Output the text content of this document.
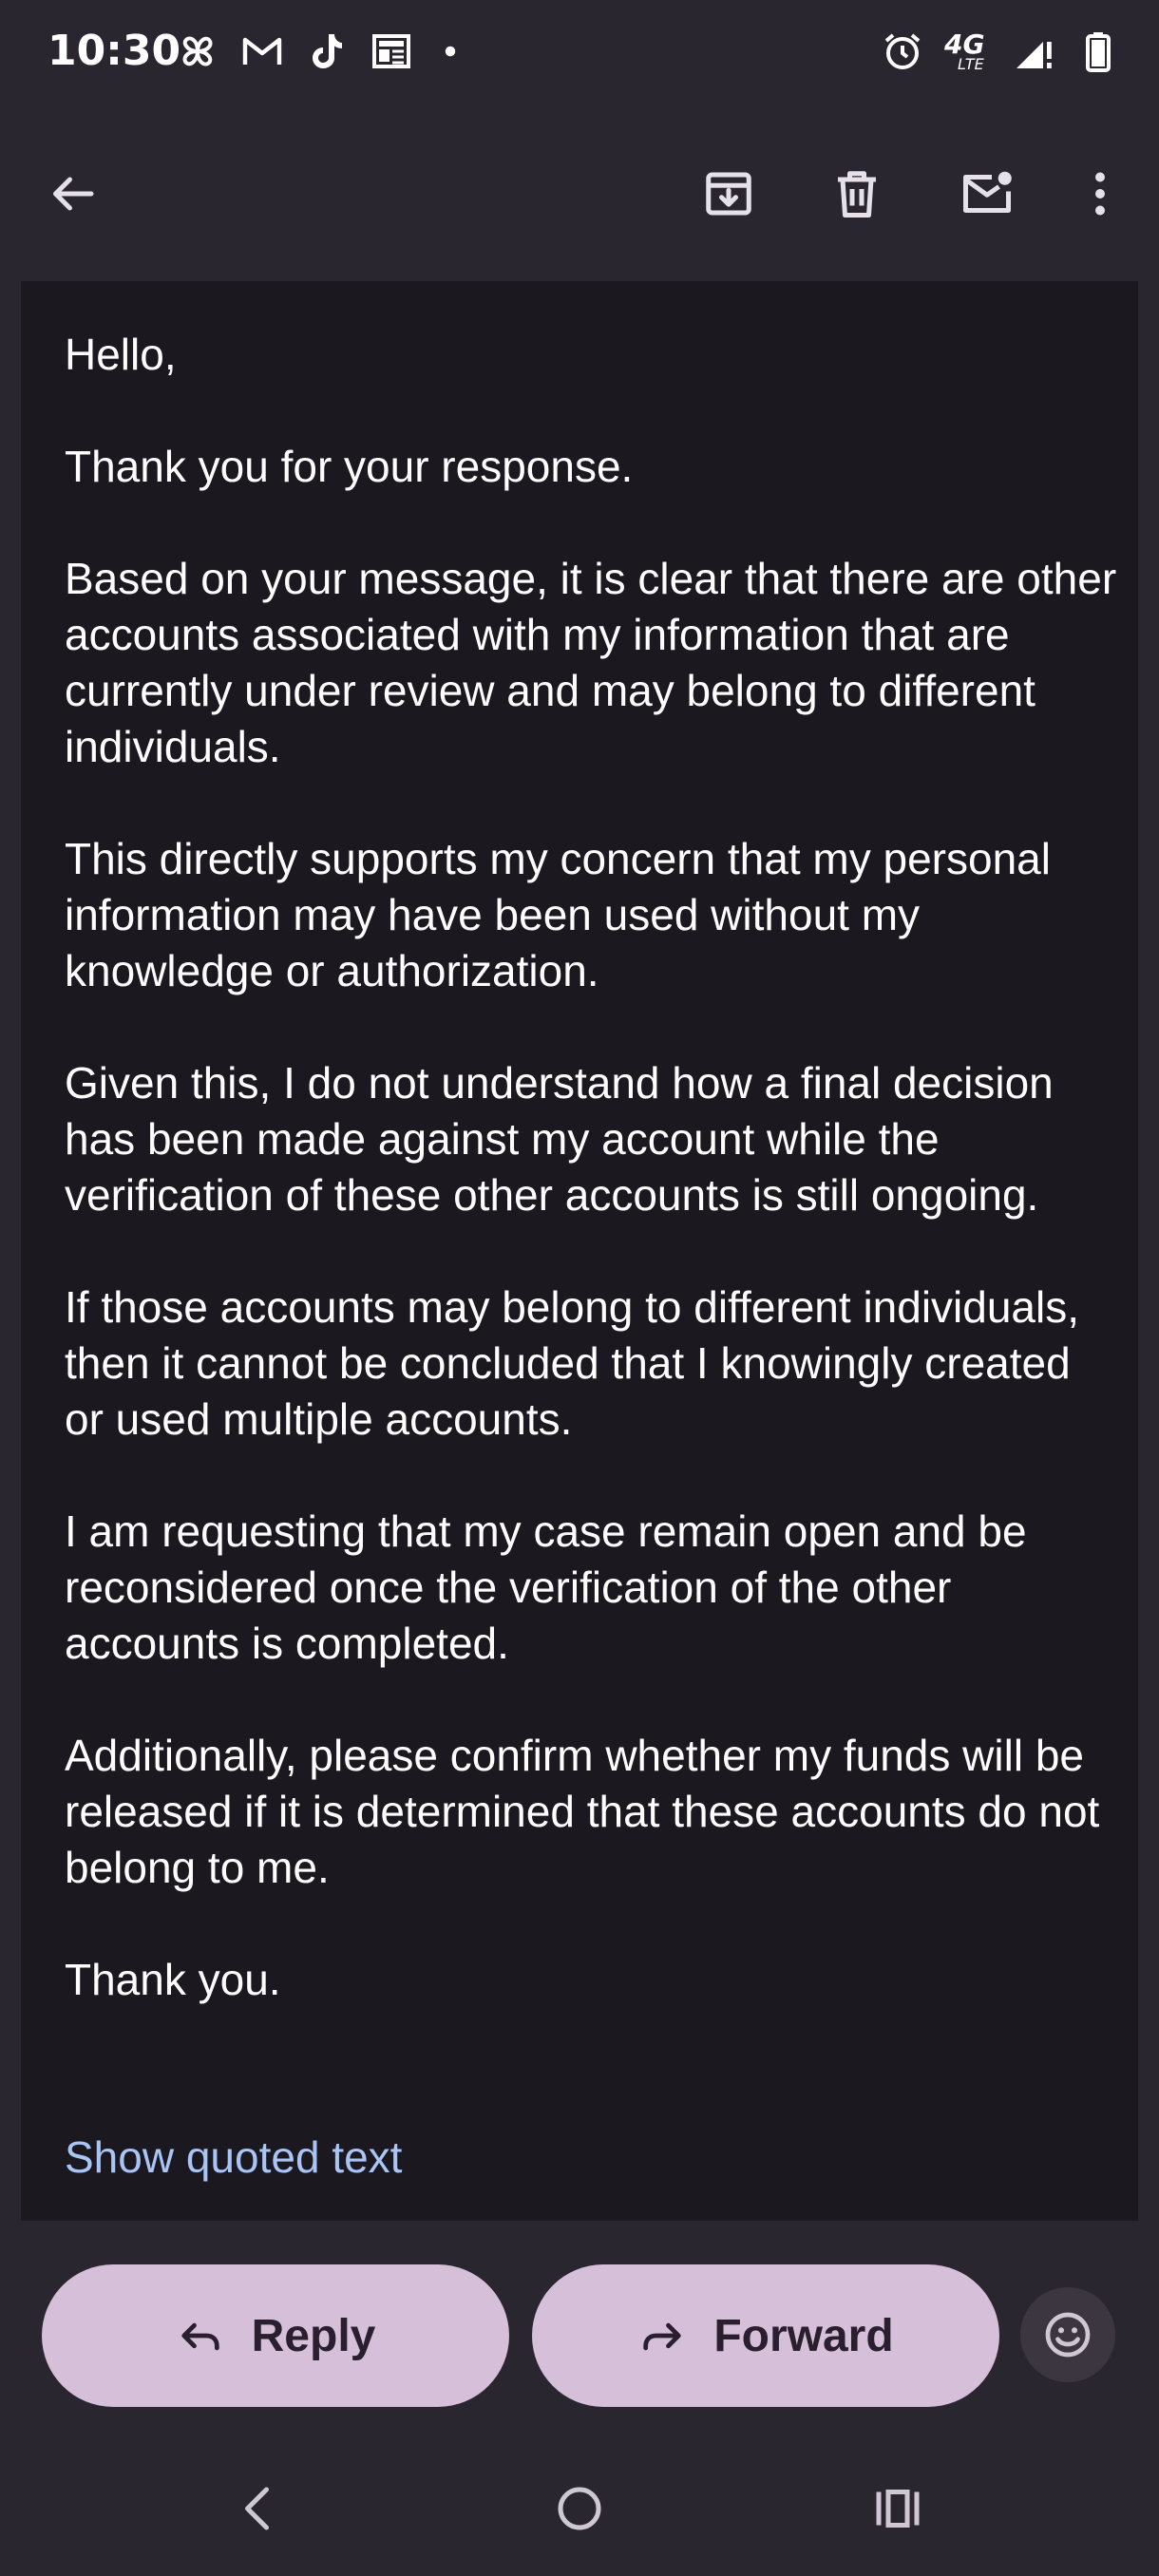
10:30	4G
LTE

Hello,

Thank you for your response.

Based on your message, it is clear that there are other accounts associated with my information that are currently under review and may belong to different individuals.

This directly supports my concern that my personal information may have been used without my knowledge or authorization.

Given this, I do not understand how a final decision has been made against my account while the verification of these other accounts is still ongoing.

If those accounts may belong to different individuals, then it cannot be concluded that I knowingly created or used multiple accounts.

I am requesting that my case remain open and be reconsidered once the verification of the other accounts is completed.

Additionally, please confirm whether my funds will be released if it is determined that these accounts do not belong to me.

Thank you.

Show quoted text
Reply	Forward
